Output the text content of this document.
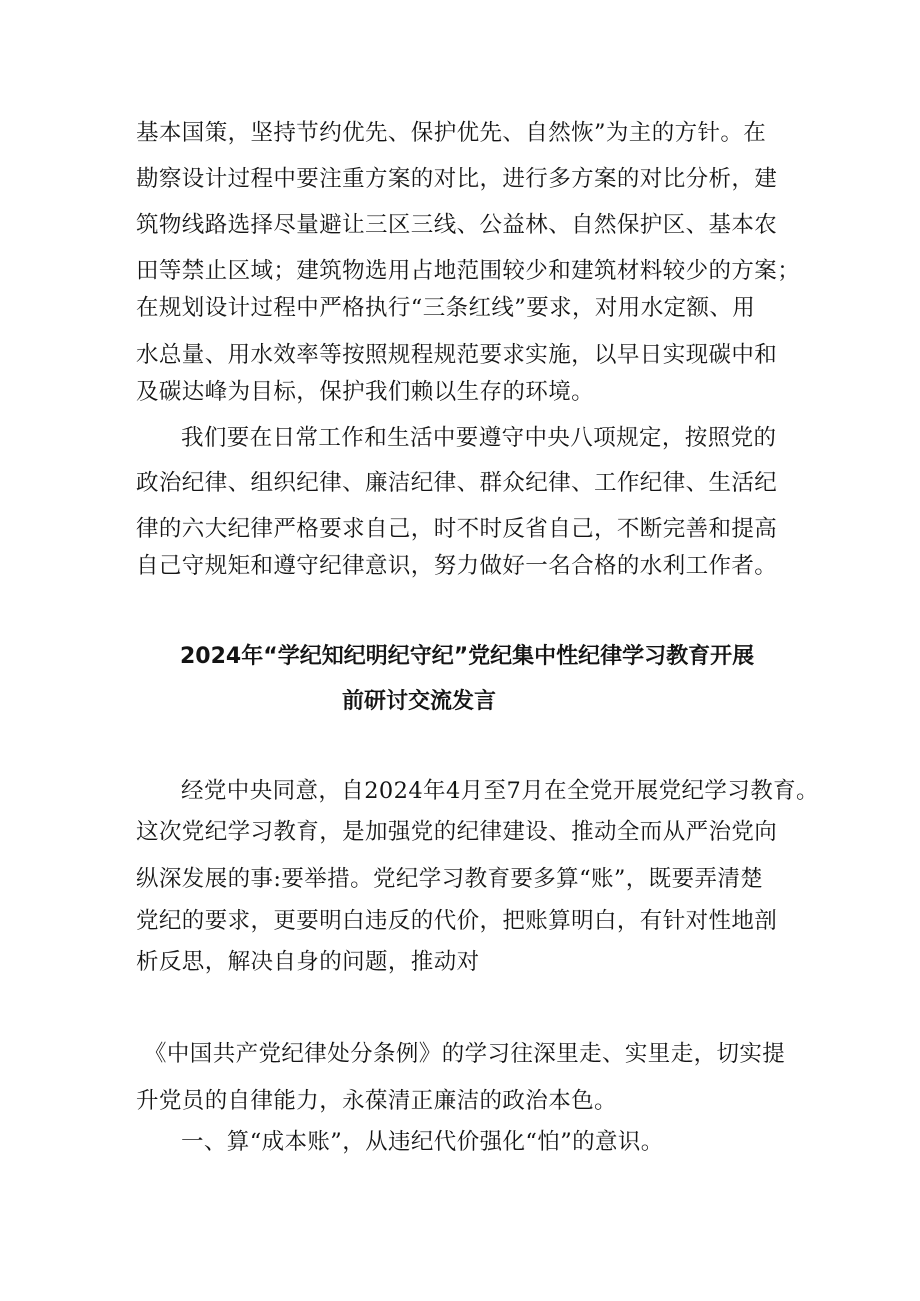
基本国策，坚持节约优先、保护优先、自然恢”为主的方针。在
勘察设计过程中要注重方案的对比，进行多方案的对比分析，建
筑物线路选择尽量避让三区三线、公益林、自然保护区、基本农
田等禁止区域；建筑物选用占地范围较少和建筑材料较少的方案；
在规划设计过程中严格执行“三条红线”要求，对用水定额、用
水总量、用水效率等按照规程规范要求实施，以早日实现碳中和
及碳达峰为目标，保护我们赖以生存的环境。
我们要在日常工作和生活中要遵守中央八项规定，按照党的
政治纪律、组织纪律、廉洁纪律、群众纪律、工作纪律、生活纪
律的六大纪律严格要求自己，时不时反省自己，不断完善和提高
自己守规矩和遵守纪律意识，努力做好一名合格的水利工作者。
2024年“学纪知纪明纪守纪”党纪集中性纪律学习教育开展
前研讨交流发言
经党中央同意，自2024年4月至7月在全党开展党纪学习教育。
这次党纪学习教育，是加强党的纪律建设、推动全而从严治党向
纵深发展的事:要举措。党纪学习教育要多算“账”，既要弄清楚
党纪的要求，更要明白违反的代价，把账算明白，有针对性地剖
析反思，解决自身的问题，推动对
《中国共产党纪律处分条例》的学习往深里走、实里走，切实提
升党员的自律能力，永葆清正廉洁的政治本色。
一、算“成本账”，从违纪代价强化“怕”的意识。
